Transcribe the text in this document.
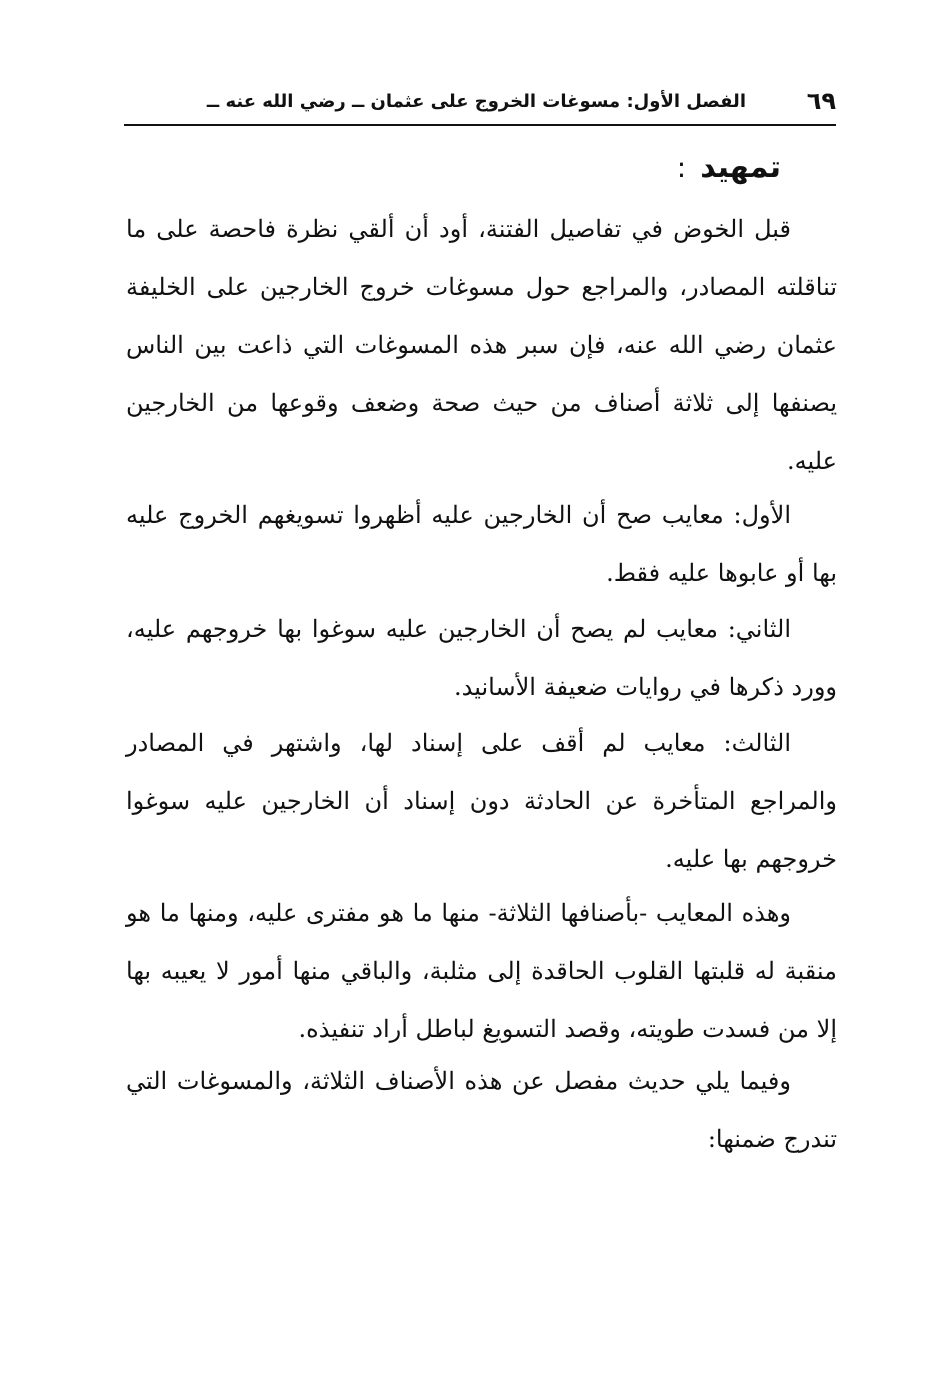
٦٩
الفصل الأول: مسوغات الخروج على عثمان ــ رضي الله عنه ــ
تمهيد:

قبل الخوض في تفاصيل الفتنة، أود أن ألقي نظرة فاحصة على ما تناقلته المصادر، والمراجع حول مسوغات خروج الخارجين على الخليفة عثمان رضي الله عنه، فإن سبر هذه المسوغات التي ذاعت بين الناس يصنفها إلى ثلاثة أصناف من حيث صحة وضعف وقوعها من الخارجين عليه.

الأول: معايب صح أن الخارجين عليه أظهروا تسويغهم الخروج عليه بها أو عابوها عليه فقط.

الثاني: معايب لم يصح أن الخارجين عليه سوغوا بها خروجهم عليه، وورد ذكرها في روايات ضعيفة الأسانيد.

الثالث: معايب لم أقف على إسناد لها، واشتهر في المصادر والمراجع المتأخرة عن الحادثة دون إسناد أن الخارجين عليه سوغوا خروجهم بها عليه.

وهذه المعايب -بأصنافها الثلاثة- منها ما هو مفترى عليه، ومنها ما هو منقبة له قلبتها القلوب الحاقدة إلى مثلبة، والباقي منها أمور لا يعيبه بها إلا من فسدت طويته، وقصد التسويغ لباطل أراد تنفيذه.

وفيما يلي حديث مفصل عن هذه الأصناف الثلاثة، والمسوغات التي تندرج ضمنها:
